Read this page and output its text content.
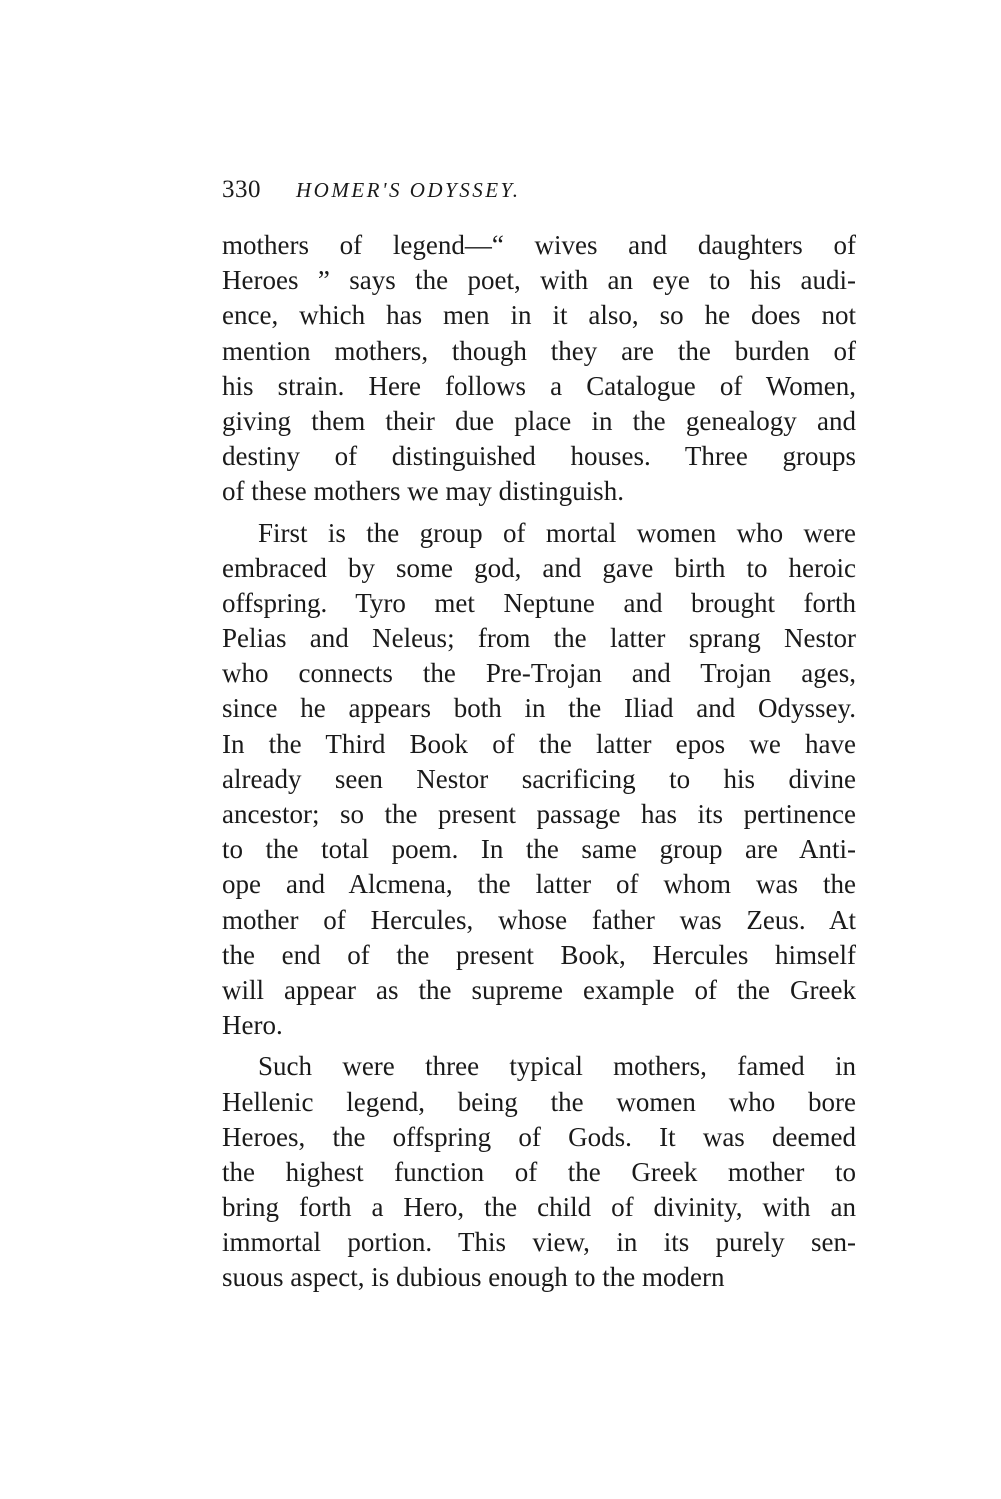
330 HOMER'S ODYSSEY.
mothers of legend—“ wives and daughters of
Heroes ” says the poet, with an eye to his audi-
ence, which has men in it also, so he does not
mention mothers, though they are the burden of
his strain. Here follows a Catalogue of Women,
giving them their due place in the genealogy and
destiny of distinguished houses. Three groups
of these mothers we may distinguish.
First is the group of mortal women who were
embraced by some god, and gave birth to heroic
offspring. Tyro met Neptune and brought forth
Pelias and Neleus; from the latter sprang Nestor
who connects the Pre-Trojan and Trojan ages,
since he appears both in the Iliad and Odyssey.
In the Third Book of the latter epos we have
already seen Nestor sacrificing to his divine
ancestor; so the present passage has its pertinence
to the total poem. In the same group are Anti-
ope and Alcmena, the latter of whom was the
mother of Hercules, whose father was Zeus. At
the end of the present Book, Hercules himself
will appear as the supreme example of the Greek
Hero.
Such were three typical mothers, famed in
Hellenic legend, being the women who bore
Heroes, the offspring of Gods. It was deemed
the highest function of the Greek mother to
bring forth a Hero, the child of divinity, with an
immortal portion. This view, in its purely sen-
suous aspect, is dubious enough to the modern
